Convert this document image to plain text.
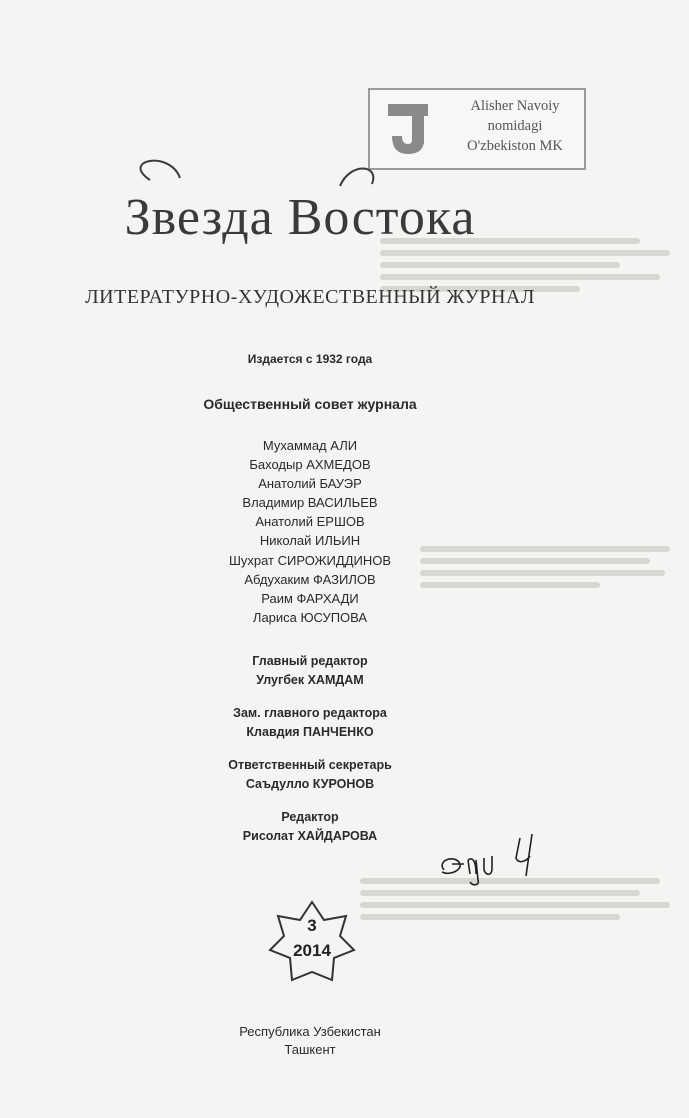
Alisher Navoiy
nomidagi
O'zbekiston MK
Звезда Востока
ЛИТЕРАТУРНО-ХУДОЖЕСТВЕННЫЙ ЖУРНАЛ
Издается с 1932 года
Общественный совет журнала
Мухаммад АЛИ
Баходыр АХМЕДОВ
Анатолий БАУЭР
Владимир ВАСИЛЬЕВ
Анатолий ЕРШОВ
Николай ИЛЬИН
Шухрат СИРОЖИДДИНОВ
Абдухаким ФАЗИЛОВ
Раим ФАРХАДИ
Лариса ЮСУПОВА
Главный редактор
Улугбек ХАМДАМ
Зам. главного редактора
Клавдия ПАНЧЕНКО
Ответственный секретарь
Саъдулло КУРОНОВ
Редактор
Рисолат ХАЙДАРОВА
3
2014
Республика Узбекистан
Ташкент
